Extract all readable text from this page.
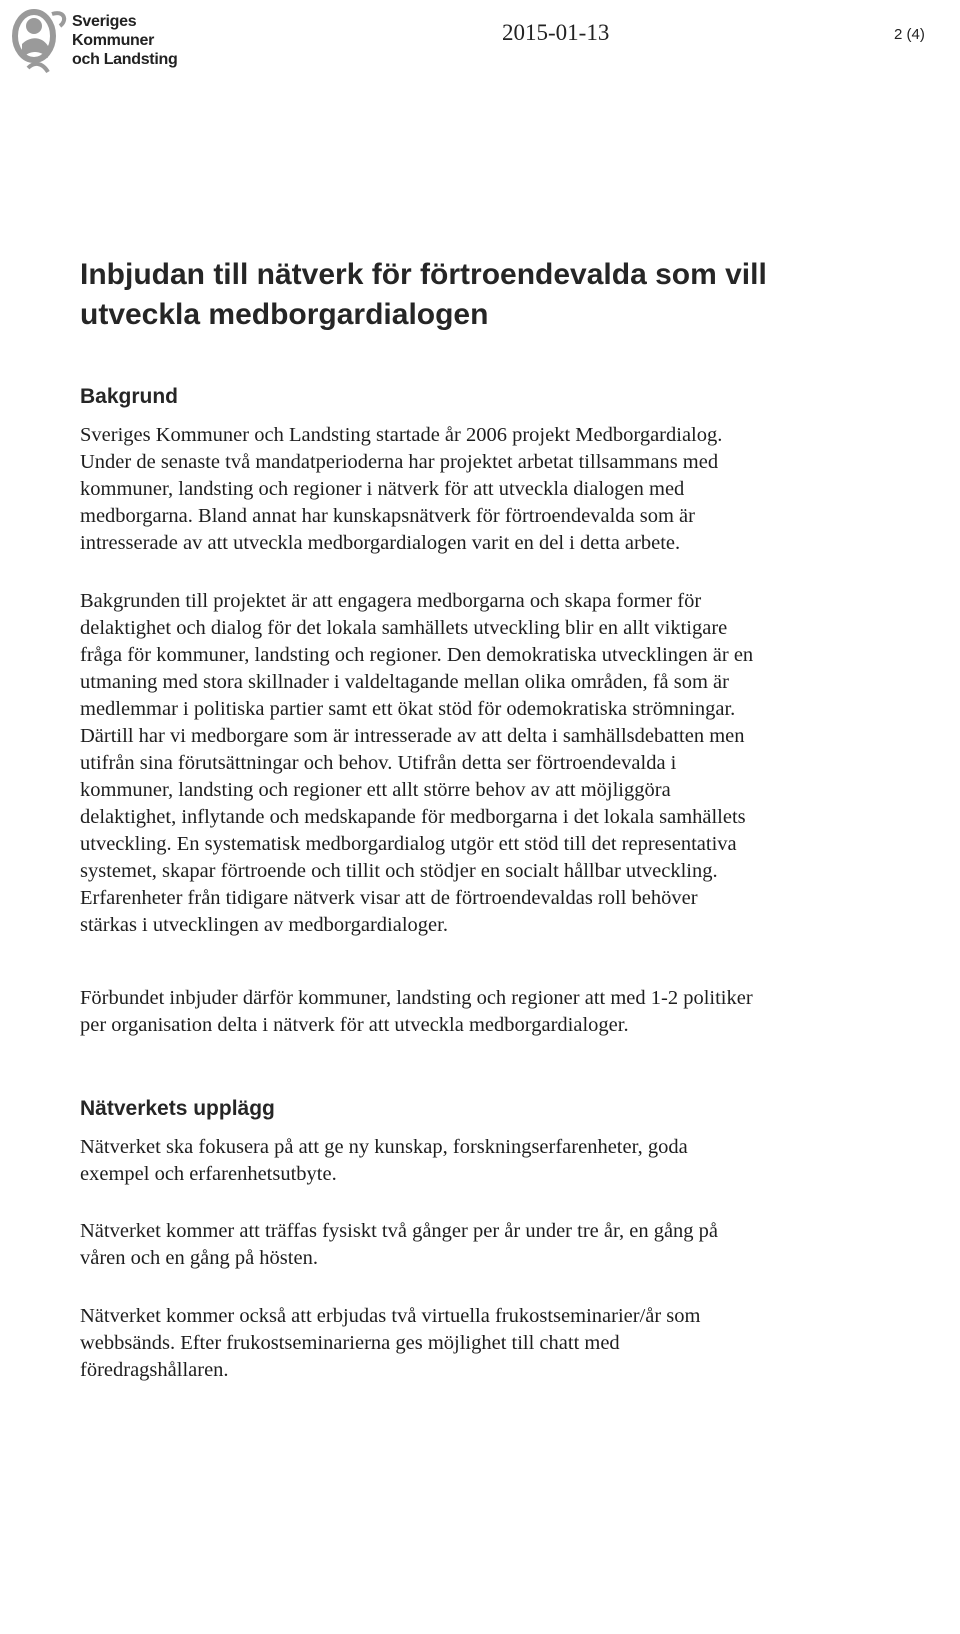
Sveriges
Kommuner
och Landsting
2015-01-13	2 (4)
Inbjudan till nätverk för förtroendevalda som vill
utveckla medborgardialogen
Bakgrund
Sveriges Kommuner och Landsting startade år 2006 projekt Medborgardialog.
Under de senaste två mandatperioderna har projektet arbetat tillsammans med
kommuner, landsting och regioner i nätverk för att utveckla dialogen med
medborgarna. Bland annat har kunskapsnätverk för förtroendevalda som är
intresserade av att utveckla medborgardialogen varit en del i detta arbete.
Bakgrunden till projektet är att engagera medborgarna och skapa former för
delaktighet och dialog för det lokala samhällets utveckling blir en allt viktigare
fråga för kommuner, landsting och regioner. Den demokratiska utvecklingen är en
utmaning med stora skillnader i valdeltagande mellan olika områden, få som är
medlemmar i politiska partier samt ett ökat stöd för odemokratiska strömningar.
Därtill har vi medborgare som är intresserade av att delta i samhällsdebatten men
utifrån sina förutsättningar och behov. Utifrån detta ser förtroendevalda i
kommuner, landsting och regioner ett allt större behov av att möjliggöra
delaktighet, inflytande och medskapande för medborgarna i det lokala samhällets
utveckling. En systematisk medborgardialog utgör ett stöd till det representativa
systemet, skapar förtroende och tillit och stödjer en socialt hållbar utveckling.
Erfarenheter från tidigare nätverk visar att de förtroendevaldas roll behöver
stärkas i utvecklingen av medborgardialoger.
Förbundet inbjuder därför kommuner, landsting och regioner att med 1-2 politiker
per organisation delta i nätverk för att utveckla medborgardialoger.
Nätverkets upplägg
Nätverket ska fokusera på att ge ny kunskap, forskningserfarenheter, goda
exempel och erfarenhetsutbyte.
Nätverket kommer att träffas fysiskt två gånger per år under tre år, en gång på
våren och en gång på hösten.
Nätverket kommer också att erbjudas två virtuella frukostseminarier/år som
webbsänds. Efter frukostseminarierna ges möjlighet till chatt med
föredragshållaren.
